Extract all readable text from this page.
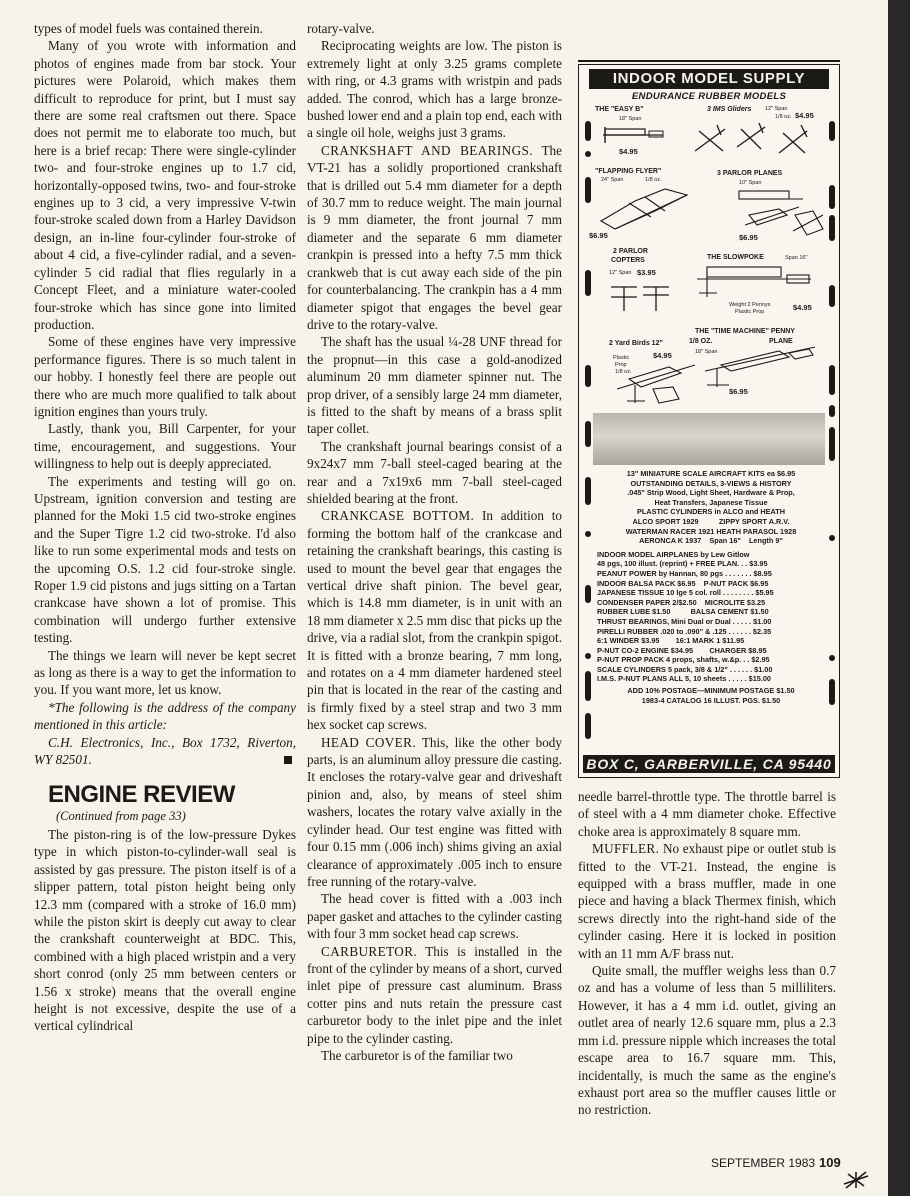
types of model fuels was contained therein.

Many of you wrote with information and photos of engines made from bar stock. Your pictures were Polaroid, which makes them difficult to reproduce for print, but I must say there are some real craftsmen out there. Space does not permit me to elaborate too much, but here is a brief recap: There were single-cylinder two- and four-stroke engines up to 1.7 cid, horizontally-opposed twins, two- and four-stroke engines up to 3 cid, a very impressive V-twin four-stroke scaled down from a Harley Davidson design, an in-line four-cylinder four-stroke of about 4 cid, a five-cylinder radial, and a seven-cylinder 5 cid radial that flies regularly in a Concept Fleet, and a miniature water-cooled four-stroke which has since gone into limited production.

Some of these engines have very impressive performance figures. There is so much talent in our hobby. I honestly feel there are people out there who are much more qualified to talk about ignition engines than yours truly.

Lastly, thank you, Bill Carpenter, for your time, encouragement, and suggestions. Your willingness to help out is deeply appreciated.

The experiments and testing will go on. Upstream, ignition conversion and testing are planned for the Moki 1.5 cid two-stroke engines and the Super Tigre 1.2 cid two-stroke. I'd also like to run some experimental mods and tests on the upcoming O.S. 1.2 cid four-stroke single. Roper 1.9 cid pistons and jugs sitting on a Tartan crankcase have shown a lot of promise. This combination will undergo further extensive testing.

The things we learn will never be kept secret as long as there is a way to get the information to you. If you want more, let us know.

*The following is the address of the company mentioned in this article:

C.H. Electronics, Inc., Box 1732, Riverton, WY 82501.

ENGINE REVIEW

(Continued from page 33)

The piston-ring is of the low-pressure Dykes type in which piston-to-cylinder-wall seal is assisted by gas pressure. The piston itself is of a slipper pattern, total piston height being only 12.3 mm (compared with a stroke of 16.0 mm) while the piston skirt is deeply cut away to clear the crankshaft counterweight at BDC. This, combined with a high placed wristpin and a very short conrod (only 25 mm between centers or 1.56 x stroke) means that the overall engine height is not excessive, despite the use of a vertical cylindrical

rotary-valve.

Reciprocating weights are low. The piston is extremely light at only 3.25 grams complete with ring, or 4.3 grams with wristpin and pads added. The conrod, which has a large bronze-bushed lower end and a plain top end, each with a single oil hole, weighs just 3 grams.

CRANKSHAFT AND BEARINGS. The VT-21 has a solidly proportioned crankshaft that is drilled out 5.4 mm diameter for a depth of 30.7 mm to reduce weight. The main journal is 9 mm diameter, the front journal 7 mm diameter and the separate 6 mm diameter crankpin is pressed into a hefty 7.5 mm thick crankweb that is cut away each side of the pin for counterbalancing. The crankpin has a 4 mm diameter spigot that engages the bevel gear drive to the rotary-valve.

The shaft has the usual ¼-28 UNF thread for the propnut—in this case a gold-anodized aluminum 20 mm diameter spinner nut. The prop driver, of a sensibly large 24 mm diameter, is fitted to the shaft by means of a brass split taper collet.

The crankshaft journal bearings consist of a 9x24x7 mm 7-ball steel-caged bearing at the rear and a 7x19x6 mm 7-ball steel-caged shielded bearing at the front.

CRANKCASE BOTTOM. In addition to forming the bottom half of the crankcase and retaining the crankshaft bearings, this casting is used to mount the bevel gear that engages the vertical drive shaft pinion. The bevel gear, which is 14.8 mm diameter, is in unit with an 18 mm diameter x 2.5 mm disc that picks up the drive, via a radial slot, from the crankpin spigot. It is fitted with a bronze bearing, 7 mm long, and rotates on a 4 mm diameter hardened steel pin that is located in the rear of the casting and is firmly fixed by a steel strap and two 3 mm hex socket cap screws.

HEAD COVER. This, like the other body parts, is an aluminum alloy pressure die casting. It encloses the rotary-valve gear and driveshaft pinion and, also, by means of steel shim washers, locates the rotary valve axially in the cylinder head. Our test engine was fitted with four 0.15 mm (.006 inch) shims giving an axial clearance of approximately .005 inch to ensure free running of the rotary-valve.

The head cover is fitted with a .003 inch paper gasket and attaches to the cylinder casting with four 3 mm socket head cap screws.

CARBURETOR. This is installed in the front of the cylinder by means of a short, curved inlet pipe of pressure cast aluminum. Brass cotter pins and nuts retain the pressure cast carburetor body to the inlet pipe and the inlet pipe to the cylinder casting.

The carburetor is of the familiar two

needle barrel-throttle type. The throttle barrel is of steel with a 4 mm diameter choke. Effective choke area is approximately 8 square mm.

MUFFLER. No exhaust pipe or outlet stub is fitted to the VT-21. Instead, the engine is equipped with a brass muffler, made in one piece and having a black Thermex finish, which screws directly into the right-hand side of the cylinder casing. Here it is locked in position with an 11 mm A/F brass nut.

Quite small, the muffler weighs less than 0.7 oz and has a volume of less than 5 milliliters. However, it has a 4 mm i.d. outlet, giving an outlet area of nearly 12.6 square mm, plus a 2.3 mm i.d. pressure nipple which increases the total escape area to 16.7 square mm. This, incidentally, is much the same as the engine's exhaust port area so the muffler causes little or no restriction.

INDOOR MODEL SUPPLY
ENDURANCE RUBBER MODELS
THE "EASY B"
18" Span
$4.95
3 IMS Gliders 12" Span
1/8 oz. $4.95
"FLAPPING FLYER"
24" Span	1/8 oz.
$6.95
3 PARLOR PLANES
10" Span
$6.95
2 PARLOR
COPTERS
12" Span $3.95
THE SLOWPOKE	Span 16"
Weight 2 Pennys
Plastic Prop	$4.95
THE "TIME MACHINE" PENNY
1/8 OZ.	PLANE
18" Span
$6.95
2 Yard Birds 12"
Plastic
Prop
1/8 oz.
$4.95
13" MINIATURE SCALE AIRCRAFT KITS ea $6.95
OUTSTANDING DETAILS, 3-VIEWS & HISTORY
.045" Strip Wood, Light Sheet, Hardware & Prop,
Heat Transfers, Japanese Tissue
PLASTIC CYLINDERS in ALCO and HEATH
ALCO SPORT 1929          ZIPPY SPORT A.R.V.
WATERMAN RACER 1921 HEATH PARASOL 1928
AERONCA K 1937    Span 16"    Length 9"
INDOOR MODEL AIRPLANES by Lew Gitlow
48 pgs, 100 illust. (reprint) + FREE PLAN. . . $3.95
PEANUT POWER by Hannan, 80 pgs . . . . . . . $8.95
INDOOR BALSA PACK $6.95    P-NUT PACK $6.95
JAPANESE TISSUE 10 lge 5 col. roll . . . . . . . . $5.95
CONDENSER PAPER 2/$2.50    MICROLITE $3.25
RUBBER LUBE $1.50          BALSA CEMENT $1.50
THRUST BEARINGS, Mini Dual or Dual . . . . . $1.00
PIRELLI RUBBER .020 to .090" & .125 . . . . . . $2.35
6:1 WINDER $3.95        16:1 MARK 1 $11.95
P-NUT CO-2 ENGINE $34.95        CHARGER $8.95
P-NUT PROP PACK 4 props, shafts, w.&p. . . $2.95
SCALE CYLINDERS 5 pack, 3/8 & 1/2" . . . . . . $1.00
I.M.S. P-NUT PLANS ALL 5, 10 sheets . . . . . $15.00
ADD 10% POSTAGE—MINIMUM POSTAGE $1.50
1983-4 CATALOG 16 ILLUST. PGS. $1.50
BOX C, GARBERVILLE, CA 95440
SEPTEMBER 1983 109
